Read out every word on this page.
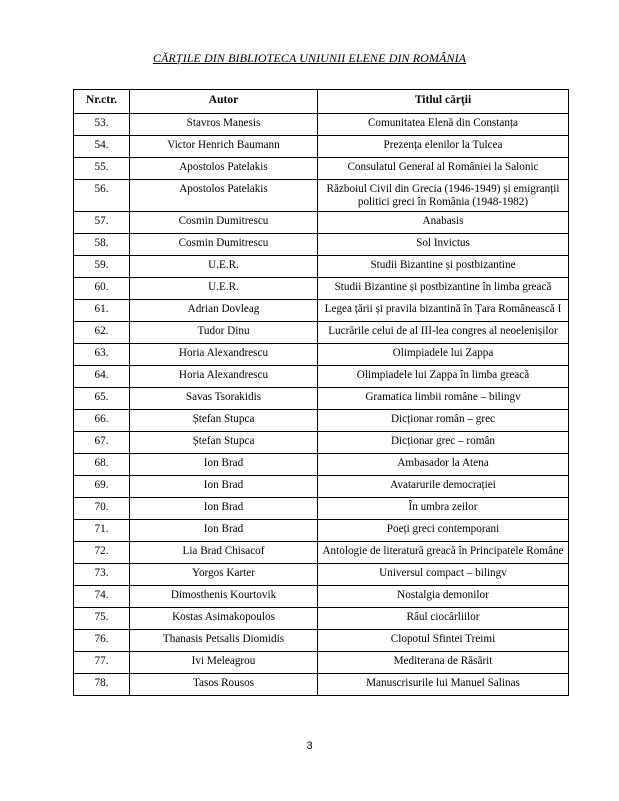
CĂRȚILE DIN BIBLIOTECA UNIUNII ELENE DIN ROMÂNIA
Nr.ctr.	Autor	Titlul cărţii
53.	Stavros Manesis	Comunitatea Elenă din Constanța
54.	Victor Henrich Baumann	Prezența elenilor la Tulcea
55.	Apostolos Patelakis	Consulatul General al României la Salonic
56.	Apostolos Patelakis	Războiul Civil din Grecia (1946-1949) și emigranții politici greci în România (1948-1982)
57.	Cosmin Dumitrescu	Anabasis
58.	Cosmin Dumitrescu	Sol Invictus
59.	U.E.R.	Studii Bizantine și postbizantine
60.	U.E.R.	Studii Bizantine și postbizantine în limba greacă
61.	Adrian Dovleag	Legea țării și pravila bizantină în Țara Românească I
62.	Tudor Dinu	Lucrările celui de al III-lea congres al neoelenișilor
63.	Horia Alexandrescu	Olimpiadele lui Zappa
64.	Horia Alexandrescu	Olimpiadele lui Zappa în limba greacă
65.	Savas Tsorakidis	Gramatica limbii române – bilingv
66.	Ștefan Stupca	Dicționar român – grec
67.	Ștefan Stupca	Dicționar grec – român
68.	Ion Brad	Ambasador la Atena
69.	Ion Brad	Avatarurile democrației
70.	Ion Brad	În umbra zeilor
71.	Ion Brad	Poeți greci contemporani
72.	Lia Brad Chisacof	Antologie de literatură greacă în Principatele Române
73.	Yorgos Karter	Universul compact – bilingv
74.	Dimosthenis Kourtovik	Nostalgia demonilor
75.	Kostas Asimakopoulos	Râul ciocârliilor
76.	Thanasis Petsalis Diomidis	Clopotul Sfintei Treimi
77.	Ivi Meleagrou	Mediterana de Răsărit
78.	Tasos Rousos	Manuscrisurile lui Manuel Salinas
3
